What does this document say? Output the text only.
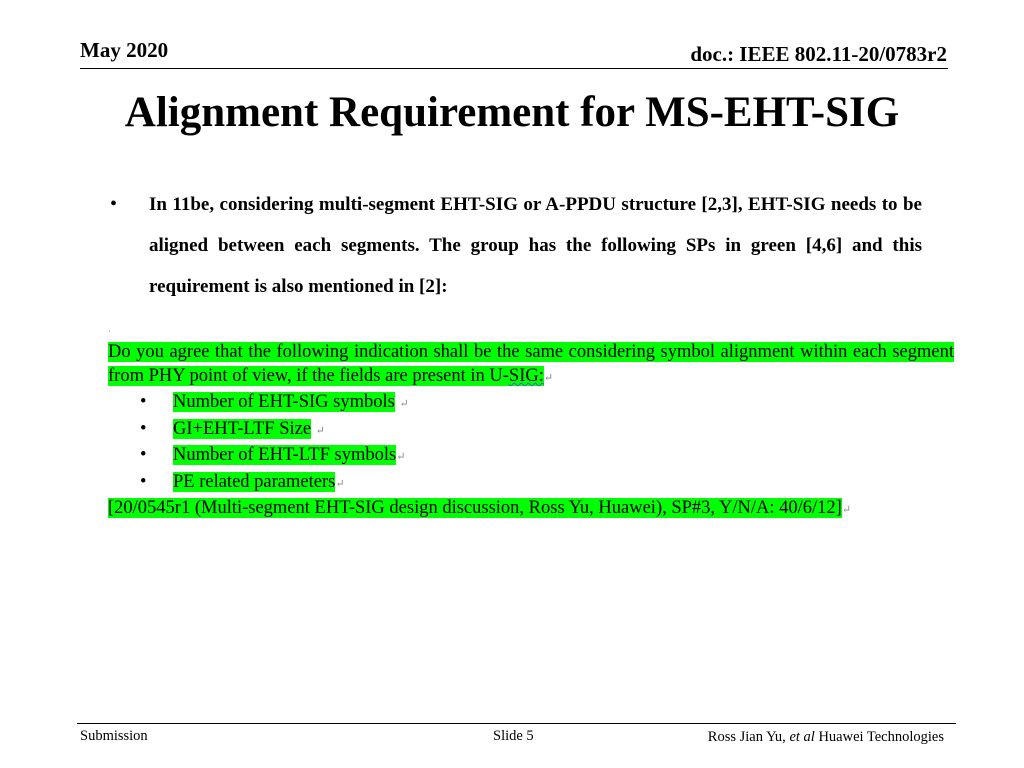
May 2020	doc.: IEEE 802.11-20/0783r2
Alignment Requirement for MS-EHT-SIG
• In 11be, considering multi-segment EHT-SIG or A-PPDU structure [2,3], EHT-SIG needs to be aligned between each segments. The group has the following SPs in green [4,6] and this requirement is also mentioned in [2]:
·
Do you agree that the following indication shall be the same considering symbol alignment within each segment from PHY point of view, if the fields are present in U-SIG:↵
• Number of EHT-SIG symbols ↵
• GI+EHT-LTF Size ↵
• Number of EHT-LTF symbols↵
• PE related parameters↵
[20/0545r1 (Multi-segment EHT-SIG design discussion, Ross Yu, Huawei), SP#3, Y/N/A: 40/6/12]↵
Submission	Slide 5	Ross Jian Yu, et al Huawei Technologies
